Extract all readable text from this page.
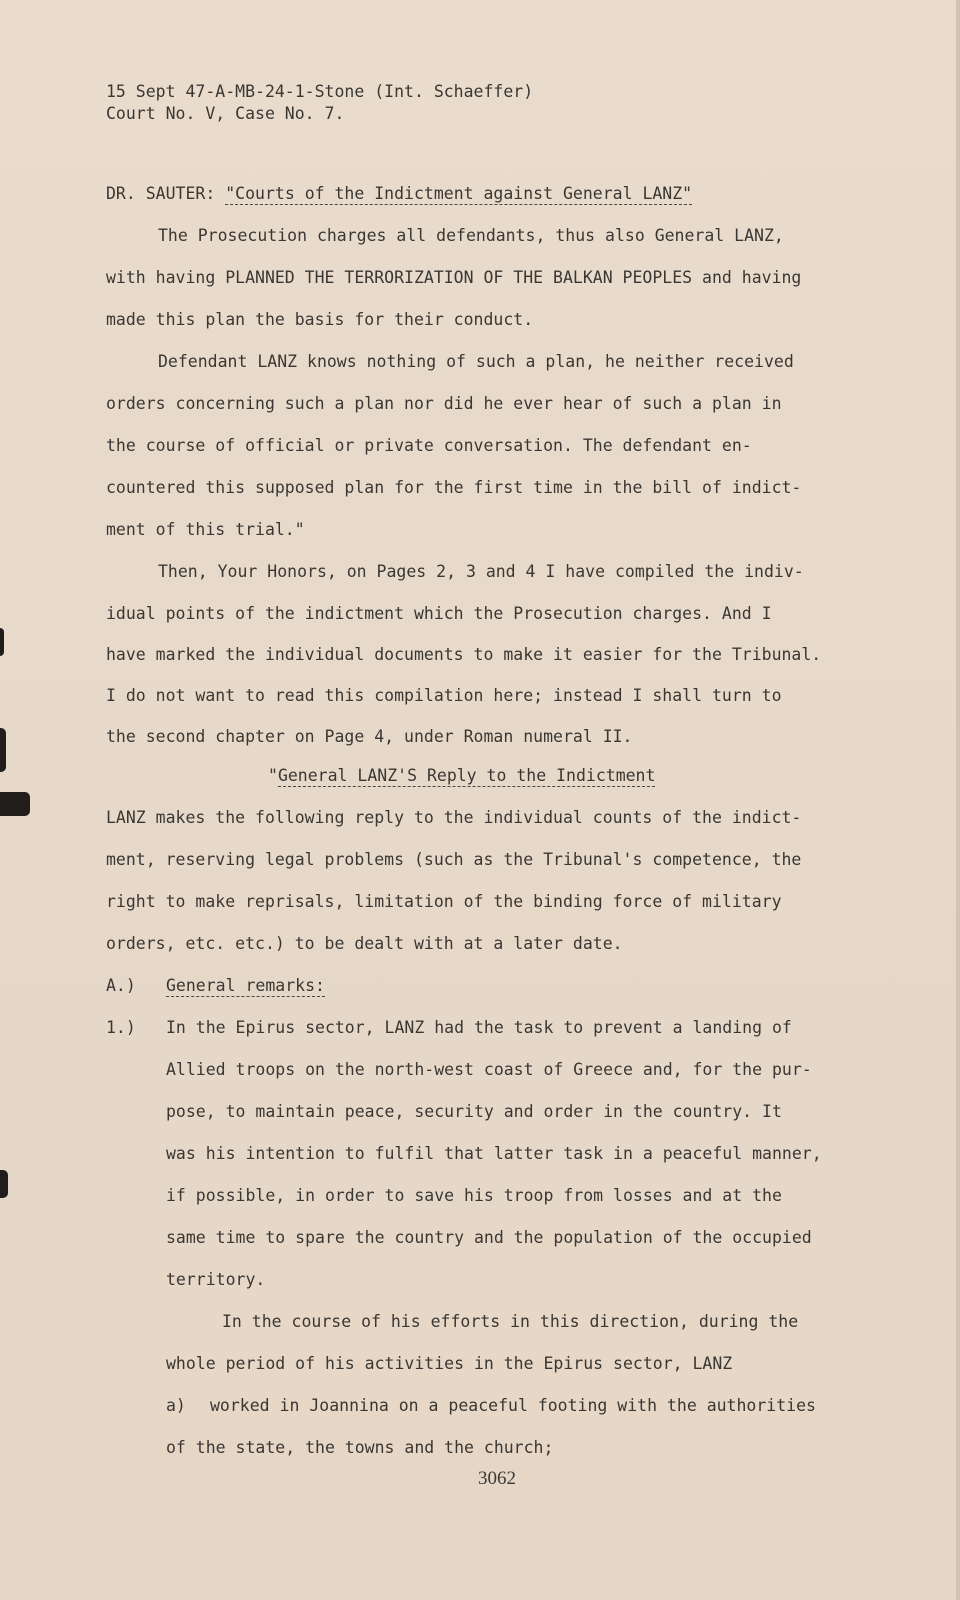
15 Sept 47-A-MB-24-1-Stone (Int. Schaeffer)
Court No. V, Case No. 7.
DR. SAUTER: "Courts of the Indictment against General LANZ"
The Prosecution charges all defendants, thus also General LANZ,
with having PLANNED THE TERRORIZATION OF THE BALKAN PEOPLES and having
made this plan the basis for their conduct.
Defendant LANZ knows nothing of such a plan, he neither received
orders concerning such a plan nor did he ever hear of such a plan in
the course of official or private conversation. The defendant en-
countered this supposed plan for the first time in the bill of indict-
ment of this trial."
Then, Your Honors, on Pages 2, 3 and 4 I have compiled the indiv-
idual points of the indictment which the Prosecution charges. And I
have marked the individual documents to make it easier for the Tribunal.
I do not want to read this compilation here; instead I shall turn to
the second chapter on Page 4, under Roman numeral II.
"General LANZ'S Reply to the Indictment
LANZ makes the following reply to the individual counts of the indict-
ment, reserving legal problems (such as the Tribunal's competence, the
right to make reprisals, limitation of the binding force of military
orders, etc. etc.) to be dealt with at a later date.
A.) General remarks:
1.) In the Epirus sector, LANZ had the task to prevent a landing of
Allied troops on the north-west coast of Greece and, for the pur-
pose, to maintain peace, security and order in the country. It
was his intention to fulfil that latter task in a peaceful manner,
if possible, in order to save his troop from losses and at the
same time to spare the country and the population of the occupied
territory.
In the course of his efforts in this direction, during the
whole period of his activities in the Epirus sector, LANZ
a) worked in Joannina on a peaceful footing with the authorities
of the state, the towns and the church;
3062
